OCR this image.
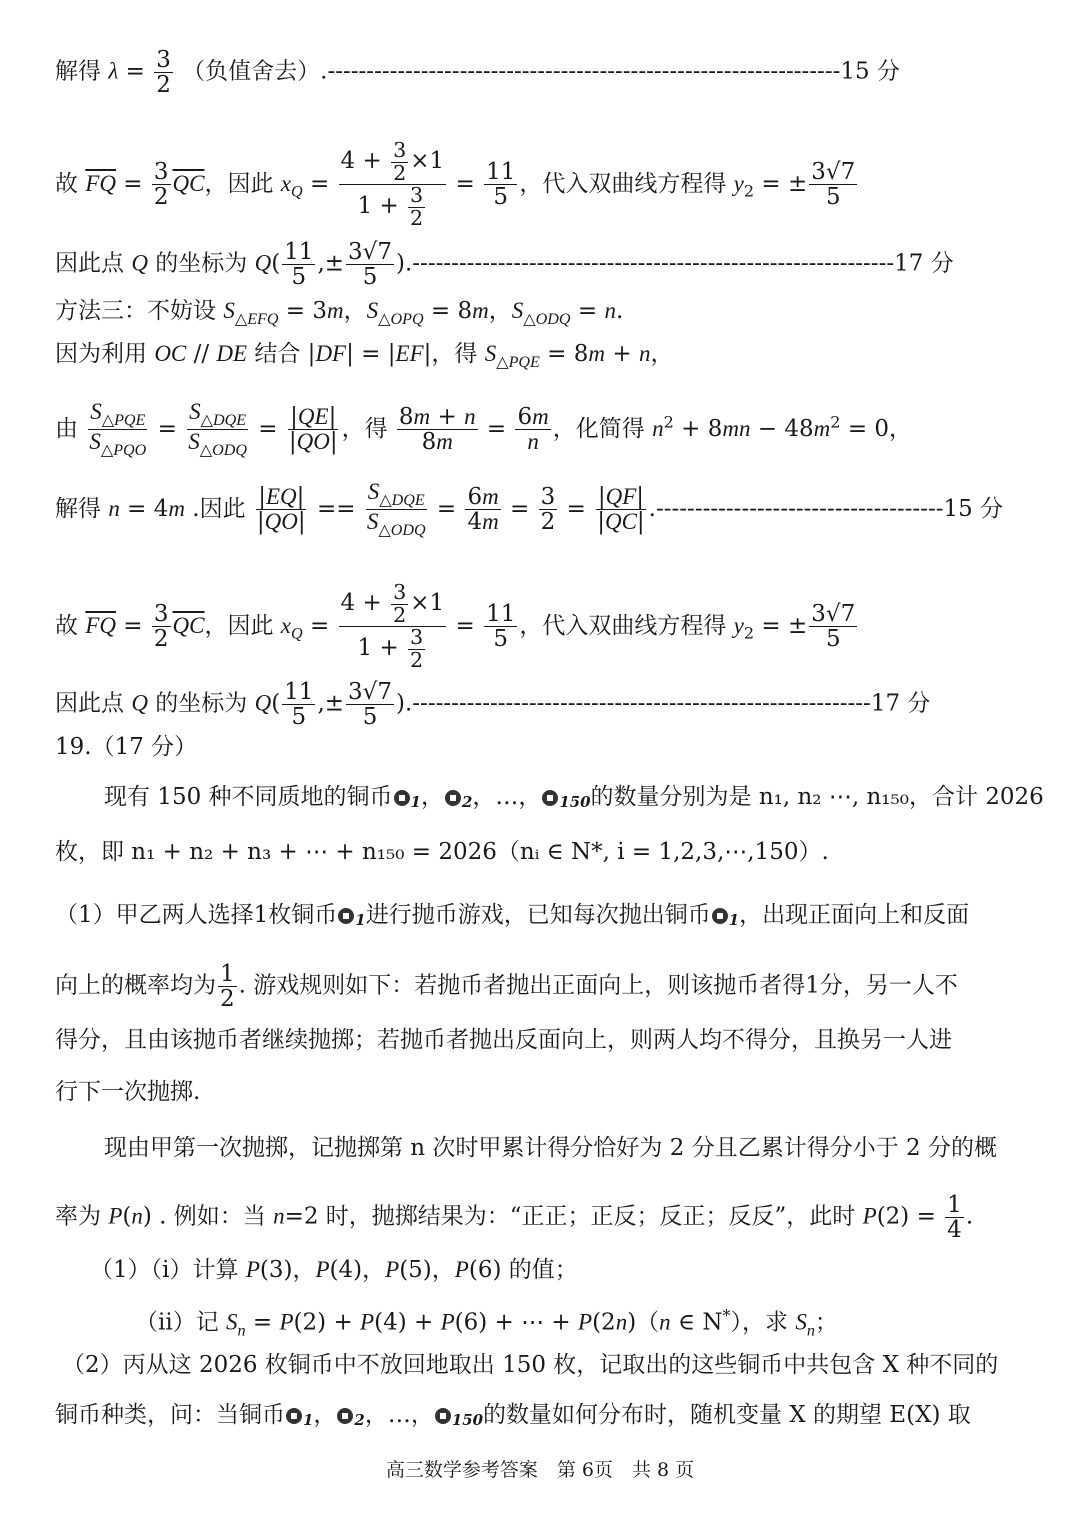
解得 $\lambda = \frac{3}{2}$ （负值舍去）.------------------------------------------------------------------15 分
故 $\overline{FQ} = \frac{3}{2} \overline{QC}$，因此 $x_Q = \frac{4 + \frac{3}{2} \times 1}{1 + \frac{3}{2}} = \frac{11}{5}$ ，代入双曲线方程得 $y_2$ = ± $\frac{3√7}{5}$
因此点 Q 的坐标为 $Q( \frac{11}{5}$ ,± $\frac{3√7}{5} ).--------------------------------------------------------------17$ 分
方法三：不妨设 $S_{\triangle EFQ} = 3m$，$S_{\triangle OPQ} = 8m$，$S_{\triangle ODQ} = n$.
因为利用 OC // DE 结合 |DF| = |EF|，得 $S_{\triangle PQE} = 8m + n$，
由 $\frac{S_{\triangle PQE}}{S_{\triangle PQO}} = \frac{S_{\triangle DQE}}{S_{\triangle ODQ}} = \frac{|QE|}{|QO|}$ ，得 $\frac{8m + n}{8m} = \frac{6m}{n}$ ，化简得 $n^2 + 8mn - 48m^2 = 0$，
解得 n = 4m .因此 $\frac{|EQ|}{|QO|} == \frac{S_{\triangle DQE}}{S_{\triangle ODQ}} = \frac{6m}{4m} = \frac{3}{2} = \frac{|QF|}{|QC|} .-------------------------------------15$ 分
故 $\overline{FQ} = \frac{3}{2} \overline{QC}$，因此 $x_Q = \frac{4 + \frac{3}{2} \times 1}{1 + \frac{3}{2}} = \frac{11}{5}$ ，代入双曲线方程得 $y_2$ = ± $\frac{3√7}{5}$
因此点 Q 的坐标为 $Q( \frac{11}{5}$ ,± $\frac{3√7}{5} ).-----------------------------------------------------------17$ 分
19.（17 分）
现有 150 种不同质地的铜币 $_1$， $_2$，…， $_{150}$的数量分别为是 n₁, n₂ ⋯, n₁₅₀，合计 2026
枚，即 n₁ + n₂ + n₃ + ⋯ + n₁₅₀ = 2026（nᵢ ∈ N*, i = 1,2,3,⋯,150）.
（1）甲乙两人选择1枚铜币 $_1$进行抛币游戏，已知每次抛出铜币 $_1$，出现正面向上和反面
向上的概率均为 $\frac{1}{2}$ . 游戏规则如下：若抛币者抛出正面向上，则该抛币者得1分，另一人不
得分，且由该抛币者继续抛掷；若抛币者抛出反面向上，则两人均不得分，且换另一人进
行下一次抛掷.
现由甲第一次抛掷，记抛掷第 n 次时甲累计得分恰好为 2 分且乙累计得分小于 2 分的概
率为 P(n) . 例如：当 n=2 时，抛掷结果为：“正正；正反；反正；反反”，此时 $P(2) = \frac{1}{4}$ .
（1）（i）计算 P(3)，P(4)，P(5)，P(6) 的值；
（ii）记 $S_n = P(2) + P(4) + P(6)$ + ⋯ + P(2n)（n ∈ N*），求 $S_n$；
（2）丙从这 2026 枚铜币中不放回地取出 150 枚，记取出的这些铜币中共包含 X 种不同的
铜币种类，问：当铜币 $_1$， $_2$，…， $_{150}$的数量如何分布时，随机变量 X 的期望 E(X) 取
高三数学参考答案　第 6页　共 8 页
